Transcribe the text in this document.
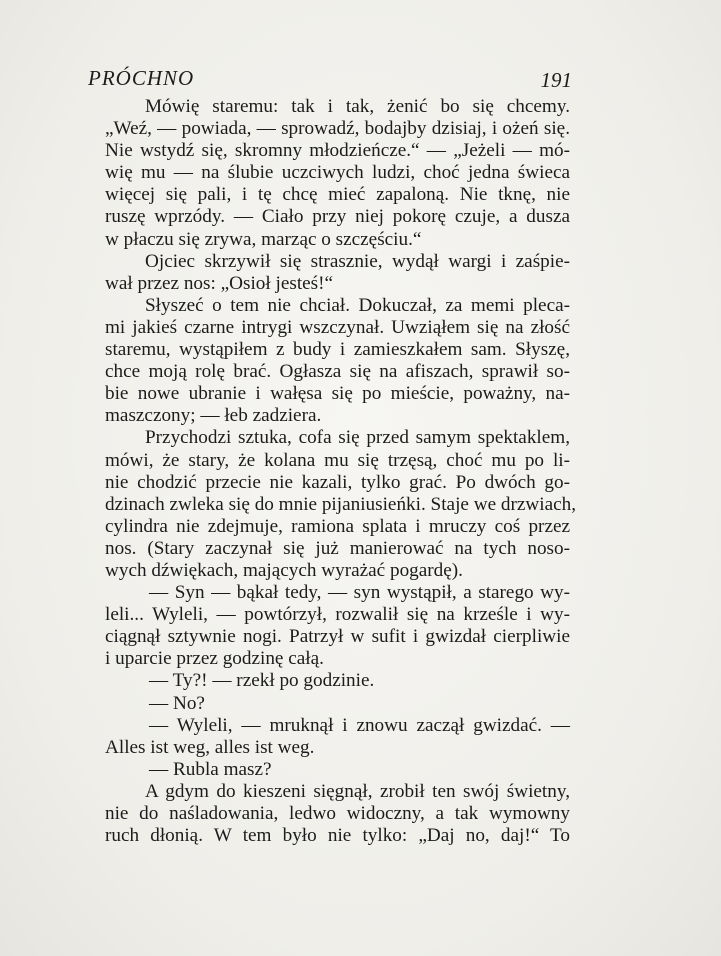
PRÓCHNO	191
Mówię staremu: tak i tak, żenić bo się chcemy.
„Weź, — powiada, — sprowadź, bodajby dzisiaj, i ożeń się.
Nie wstydź się, skromny młodzieńcze.“ — „Jeżeli — mó-
wię mu — na ślubie uczciwych ludzi, choć jedna świeca
więcej się pali, i tę chcę mieć zapaloną. Nie tknę, nie
ruszę wprzódy. — Ciało przy niej pokorę czuje, a dusza
w płaczu się zrywa, marząc o szczęściu.“
Ojciec skrzywił się strasznie, wydął wargi i zaśpie-
wał przez nos: „Osioł jesteś!“
Słyszeć o tem nie chciał. Dokuczał, za memi pleca-
mi jakieś czarne intrygi wszczynał. Uwziąłem się na złość
staremu, wystąpiłem z budy i zamieszkałem sam. Słyszę,
chce moją rolę brać. Ogłasza się na afiszach, sprawił so-
bie nowe ubranie i wałęsa się po mieście, poważny, na-
maszczony; — łeb zadziera.
Przychodzi sztuka, cofa się przed samym spektaklem,
mówi, że stary, że kolana mu się trzęsą, choć mu po li-
nie chodzić przecie nie kazali, tylko grać. Po dwóch go-
dzinach zwleka się do mnie pijaniusieńki. Staje we drzwiach,
cylindra nie zdejmuje, ramiona splata i mruczy coś przez
nos. (Stary zaczynał się już manierować na tych noso-
wych dźwiękach, mających wyrażać pogardę).
— Syn — bąkał tedy, — syn wystąpił, a starego wy-
leli... Wyleli, — powtórzył, rozwalił się na krześle i wy-
ciągnął sztywnie nogi. Patrzył w sufit i gwizdał cierpliwie
i uparcie przez godzinę całą.
— Ty?! — rzekł po godzinie.
— No?
— Wyleli, — mruknął i znowu zaczął gwizdać. —
Alles ist weg, alles ist weg.
— Rubla masz?
A gdym do kieszeni sięgnął, zrobił ten swój świetny,
nie do naśladowania, ledwo widoczny, a tak wymowny
ruch dłonią. W tem było nie tylko: „Daj no, daj!“ To
